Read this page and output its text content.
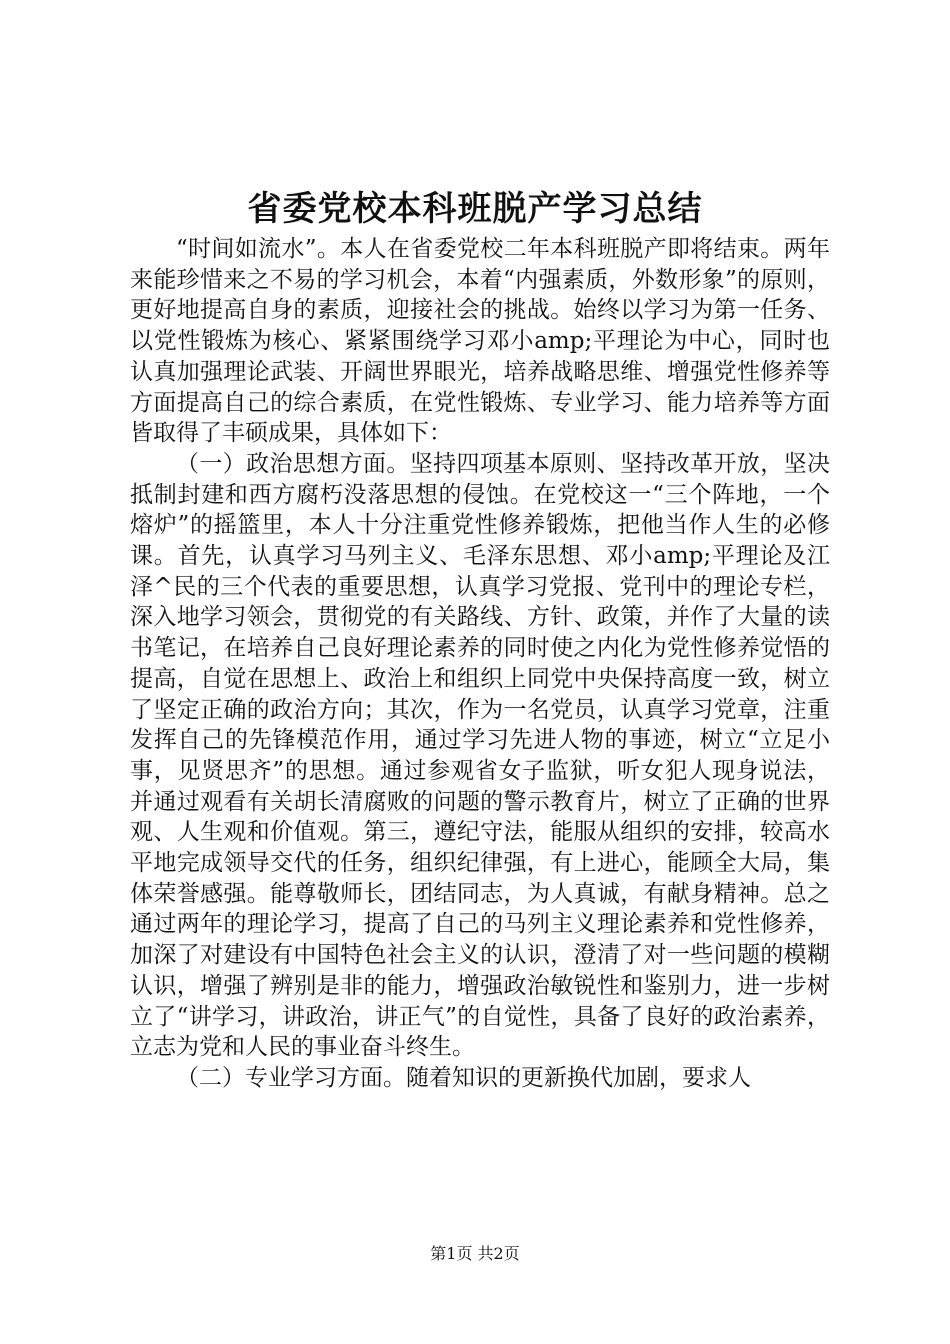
省委党校本科班脱产学习总结

“时间如流水”。本人在省委党校二年本科班脱产即将结束。两年来能珍惜来之不易的学习机会，本着“内强素质，外数形象”的原则，更好地提高自身的素质，迎接社会的挑战。始终以学习为第一任务、以党性锻炼为核心、紧紧围绕学习邓小amp;平理论为中心，同时也认真加强理论武装、开阔世界眼光，培养战略思维、增强党性修养等方面提高自己的综合素质，在党性锻炼、专业学习、能力培养等方面皆取得了丰硕成果，具体如下：

（一）政治思想方面。坚持四项基本原则、坚持改革开放，坚决抵制封建和西方腐朽没落思想的侵蚀。在党校这一“三个阵地，一个熔炉”的摇篮里，本人十分注重党性修养锻炼，把他当作人生的必修课。首先，认真学习马列主义、毛泽东思想、邓小amp;平理论及江泽^民的三个代表的重要思想，认真学习党报、党刊中的理论专栏，深入地学习领会，贯彻党的有关路线、方针、政策，并作了大量的读书笔记，在培养自己良好理论素养的同时使之内化为党性修养觉悟的提高，自觉在思想上、政治上和组织上同党中央保持高度一致，树立了坚定正确的政治方向；其次，作为一名党员，认真学习党章，注重发挥自己的先锋模范作用，通过学习先进人物的事迹，树立“立足小事，见贤思齐”的思想。通过参观省女子监狱，听女犯人现身说法，并通过观看有关胡长清腐败的问题的警示教育片，树立了正确的世界观、人生观和价值观。第三，遵纪守法，能服从组织的安排，较高水平地完成领导交代的任务，组织纪律强，有上进心，能顾全大局，集体荣誉感强。能尊敬师长，团结同志，为人真诚，有献身精神。总之通过两年的理论学习，提高了自己的马列主义理论素养和党性修养，加深了对建设有中国特色社会主义的认识，澄清了对一些问题的模糊认识，增强了辨别是非的能力，增强政治敏锐性和鉴别力，进一步树立了“讲学习，讲政治，讲正气”的自觉性，具备了良好的政治素养，立志为党和人民的事业奋斗终生。

（二）专业学习方面。随着知识的更新换代加剧，要求人

第1页 共2页
